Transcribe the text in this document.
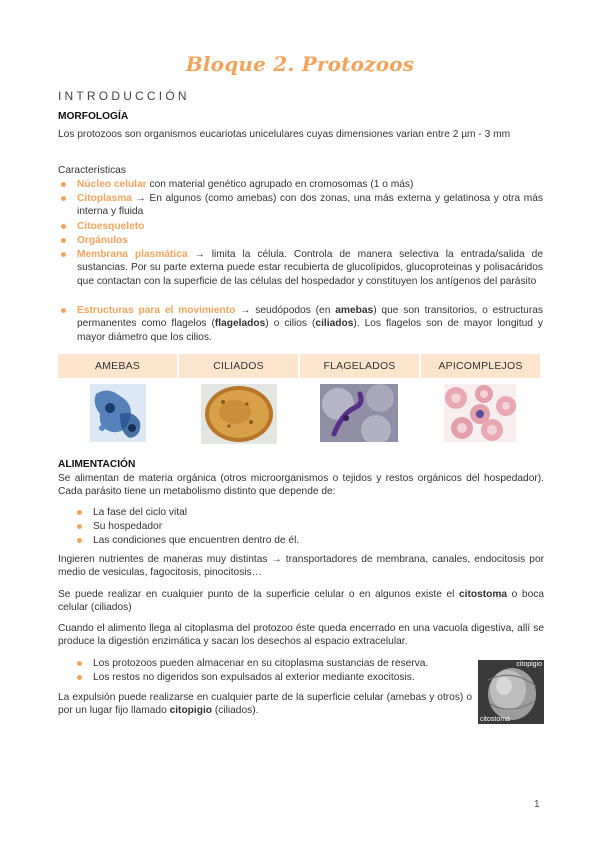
Bloque 2. Protozoos
INTRODUCCIÓN
MORFOLOGÍA
Los protozoos son organismos eucariotas unicelulares cuyas dimensiones varian entre 2 µm - 3 mm
Características
Núcleo celular con material genético agrupado en cromosomas (1 o más)
Citoplasma → En algunos (como amebas) con dos zonas, una más externa y gelatinosa y otra más interna y fluida
Citoesqueleto
Orgánulos
Membrana plasmática → limita la célula. Controla de manera selectiva la entrada/salida de sustancias. Por su parte externa puede estar recubierta de glucolípidos, glucoproteinas y polisacáridos que contactan con la superficie de las células del hospedador y constituyen los antígenos del parásito
Estructuras para el movimiento → seudópodos (en amebas) que son transitorios, o estructuras permanentes como flagelos (flagelados) o cilios (ciliados). Los flagelos son de mayor longitud y mayor diámetro que los cilios.
AMEBAS	CILIADOS	FLAGELADOS	APICOMPLEJOS
ALIMENTACIÓN
Se alimentan de materia orgánica (otros microorganismos o tejidos y restos orgánicos del hospedador). Cada parásito tiene un metabolismo distinto que depende de:
La fase del ciclo vital
Su hospedador
Las condiciones que encuentren dentro de él.
Ingieren nutrientes de maneras muy distintas → transportadores de membrana, canales, endocitosis por medio de vesiculas, fagocitosis, pinocitosis…
Se puede realizar en cualquier punto de la superficie celular o en algunos existe el citostoma o boca celular (ciliados)
Cuando el alimento llega al citoplasma del protozoo éste queda encerrado en una vacuola digestiva, allí se produce la digestión enzimática y sacan los desechos al espacio extracelular.
Los protozoos pueden almacenar en su citoplasma sustancias de reserva.
Los restos no digeridos son expulsados al exterior mediante exocitosis.
La expulsión puede realizarse en cualquier parte de la superficie celular (amebas y otros) o por un lugar fijo llamado citopigio (ciliados).
citopigio
citostoma
1
